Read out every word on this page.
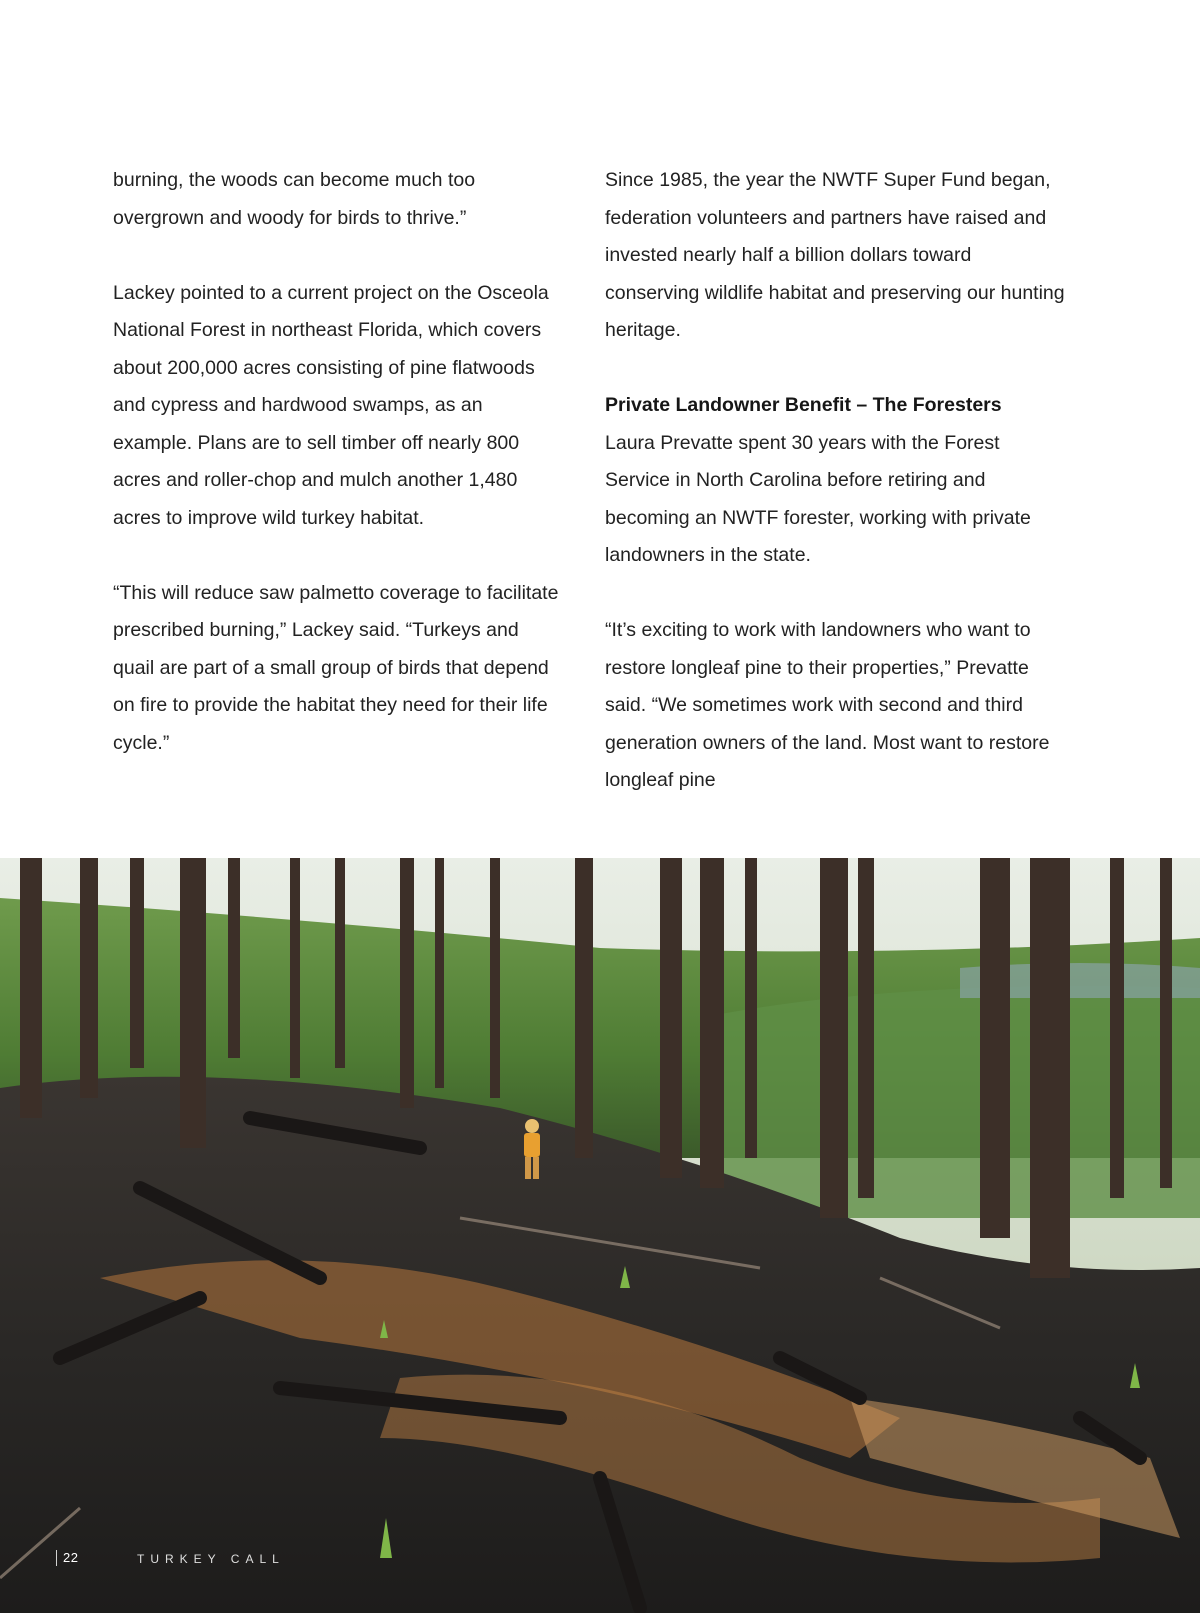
burning, the woods can become much too overgrown and woody for birds to thrive.”

Lackey pointed to a current project on the Osceola National Forest in northeast Florida, which covers about 200,000 acres consisting of pine flatwoods and cypress and hardwood swamps, as an example. Plans are to sell timber off nearly 800 acres and roller-chop and mulch another 1,480 acres to improve wild turkey habitat.

“This will reduce saw palmetto coverage to facilitate prescribed burning,” Lackey said. “Turkeys and quail are part of a small group of birds that depend on fire to provide the habitat they need for their life cycle.”

Since 1985, the year the NWTF Super Fund began, federation volunteers and partners have raised and invested nearly half a billion dollars toward conserving wildlife habitat and preserving our hunting heritage.

Private Landowner Benefit – The Foresters
Laura Prevatte spent 30 years with the Forest Service in North Carolina before retiring and becoming an NWTF forester, working with private landowners in the state.

“It’s exciting to work with landowners who want to restore longleaf pine to their properties,” Prevatte said. “We sometimes work with second and third generation owners of the land. Most want to restore longleaf pine

22	TURKEY CALL
